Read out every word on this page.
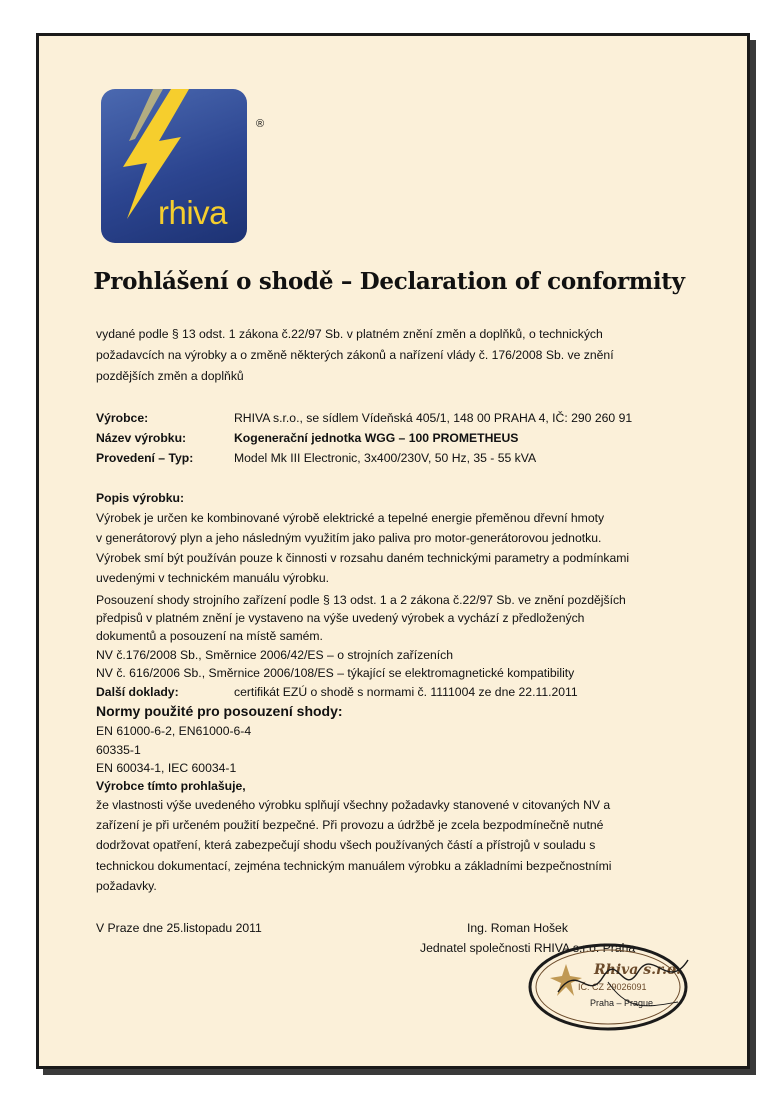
rhiva
®
Prohlášení o shodě – Declaration of conformity
vydané podle § 13 odst. 1 zákona č.22/97 Sb. v platném znění změn a doplňků, o technických
požadavcích na výrobky a o změně některých zákonů a nařízení vlády č. 176/2008 Sb. ve znění
pozdějších změn a doplňků
Výrobce:	RHIVA s.r.o., se sídlem Vídeňská 405/1, 148 00 PRAHA 4, IČ: 290 260 91
Název výrobku:	Kogenerační jednotka WGG – 100 PROMETHEUS
Provedení – Typ:	Model Mk III Electronic, 3x400/230V, 50 Hz, 35 - 55 kVA
Popis výrobku:
Výrobek je určen ke kombinované výrobě elektrické a tepelné energie přeměnou dřevní hmoty
v generátorový plyn a jeho následným využitím jako paliva pro motor-generátorovou jednotku.
Výrobek smí být používán pouze k činnosti v rozsahu daném technickými parametry a podmínkami
uvedenými v technickém manuálu výrobku.
Posouzení shody strojního zařízení podle § 13 odst. 1 a 2 zákona č.22/97 Sb. ve znění pozdějších
předpisů v platném znění je vystaveno na výše uvedený výrobek a vychází z předložených
dokumentů a posouzení na místě samém.
NV č.176/2008 Sb., Směrnice 2006/42/ES – o strojních zařízeních
NV č. 616/2006 Sb., Směrnice 2006/108/ES – týkající se elektromagnetické kompatibility
Další doklady:	certifikát EZÚ o shodě s normami č. 1111004 ze dne 22.11.2011
Normy použité pro posouzení shody:
EN 61000-6-2, EN61000-6-4
60335-1
EN 60034-1, IEC 60034-1
Výrobce tímto prohlašuje,
že vlastnosti výše uvedeného výrobku splňují všechny požadavky stanovené v citovaných NV a
zařízení je při určeném použití bezpečné. Při provozu a údržbě je zcela bezpodmínečně nutné
dodržovat opatření, která zabezpečují shodu všech používaných částí a přístrojů v souladu s
technickou dokumentací, zejména technickým manuálem výrobku a základními bezpečnostními
požadavky.
V Praze dne 25.listopadu 2011	Ing. Roman Hošek
Jednatel společnosti RHIVA s.r.o. Praha
Rhiva s.r.o.
IČ: CZ 29026091
Praha – Prague
